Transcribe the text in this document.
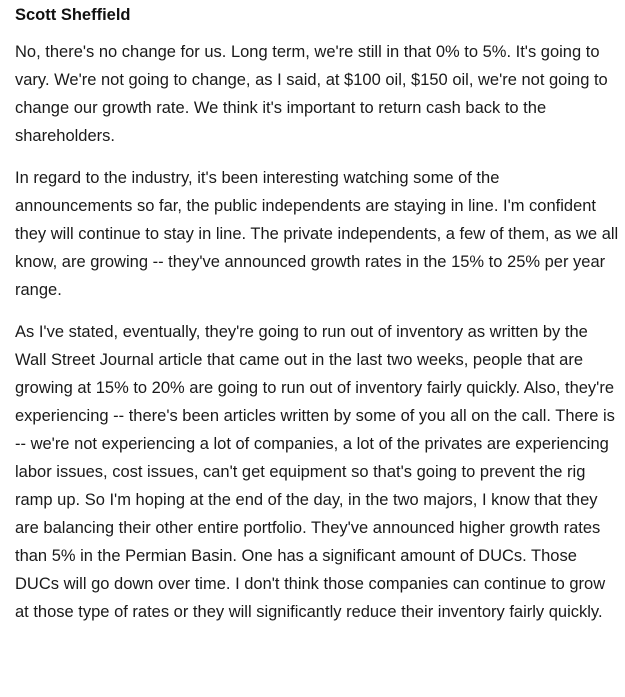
Scott Sheffield

No, there's no change for us. Long term, we're still in that 0% to 5%. It's going to vary. We're not going to change, as I said, at $100 oil, $150 oil, we're not going to change our growth rate. We think it's important to return cash back to the shareholders.

In regard to the industry, it's been interesting watching some of the announcements so far, the public independents are staying in line. I'm confident they will continue to stay in line. The private independents, a few of them, as we all know, are growing -- they've announced growth rates in the 15% to 25% per year range.

As I've stated, eventually, they're going to run out of inventory as written by the Wall Street Journal article that came out in the last two weeks, people that are growing at 15% to 20% are going to run out of inventory fairly quickly. Also, they're experiencing -- there's been articles written by some of you all on the call. There is -- we're not experiencing a lot of companies, a lot of the privates are experiencing labor issues, cost issues, can't get equipment so that's going to prevent the rig ramp up. So I'm hoping at the end of the day, in the two majors, I know that they are balancing their other entire portfolio. They've announced higher growth rates than 5% in the Permian Basin. One has a significant amount of DUCs. Those DUCs will go down over time. I don't think those companies can continue to grow at those type of rates or they will significantly reduce their inventory fairly quickly.
